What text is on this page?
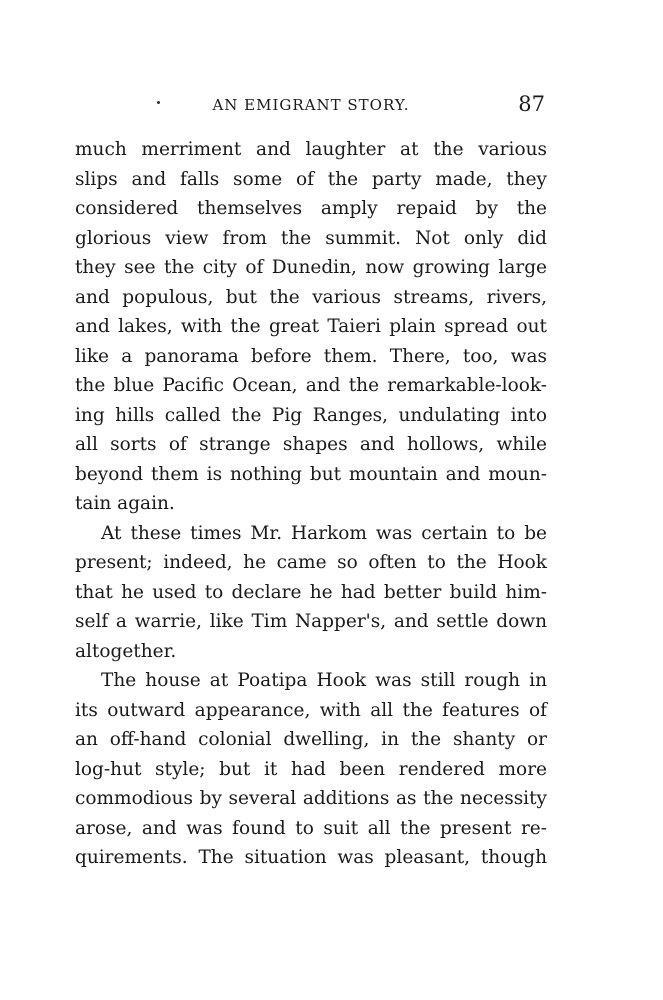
AN EMIGRANT STORY.	87
much merriment and laughter at the various
slips and falls some of the party made, they
considered themselves amply repaid by the
glorious view from the summit. Not only did
they see the city of Dunedin, now growing large
and populous, but the various streams, rivers,
and lakes, with the great Taieri plain spread out
like a panorama before them. There, too, was
the blue Pacific Ocean, and the remarkable-look-
ing hills called the Pig Ranges, undulating into
all sorts of strange shapes and hollows, while
beyond them is nothing but mountain and moun-
tain again.
At these times Mr. Harkom was certain to be
present; indeed, he came so often to the Hook
that he used to declare he had better build him-
self a warrie, like Tim Napper's, and settle down
altogether.
The house at Poatipa Hook was still rough in
its outward appearance, with all the features of
an off-hand colonial dwelling, in the shanty or
log-hut style; but it had been rendered more
commodious by several additions as the necessity
arose, and was found to suit all the present re-
quirements. The situation was pleasant, though
